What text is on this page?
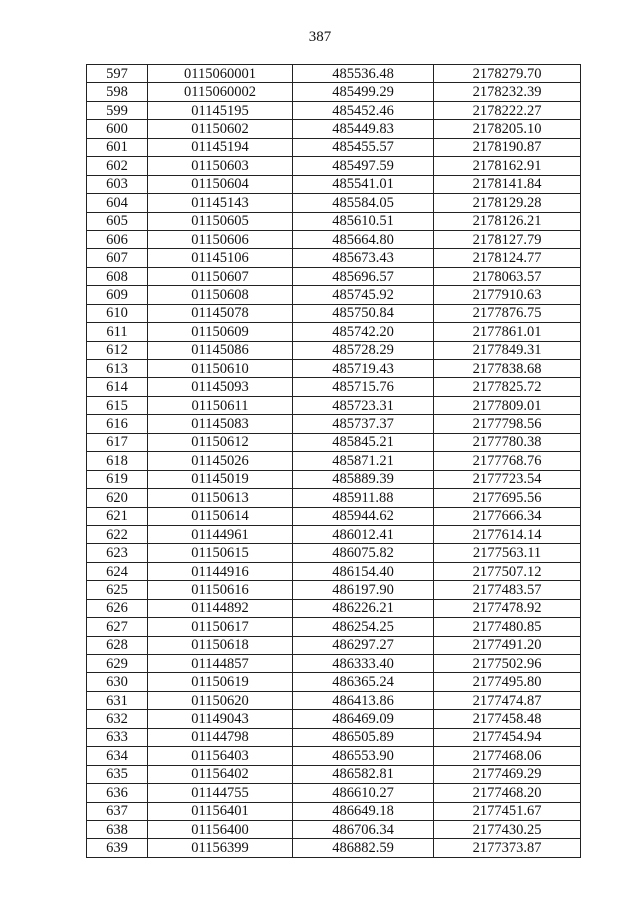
387
597	0115060001	485536.48	2178279.70
598	0115060002	485499.29	2178232.39
599	01145195	485452.46	2178222.27
600	01150602	485449.83	2178205.10
601	01145194	485455.57	2178190.87
602	01150603	485497.59	2178162.91
603	01150604	485541.01	2178141.84
604	01145143	485584.05	2178129.28
605	01150605	485610.51	2178126.21
606	01150606	485664.80	2178127.79
607	01145106	485673.43	2178124.77
608	01150607	485696.57	2178063.57
609	01150608	485745.92	2177910.63
610	01145078	485750.84	2177876.75
611	01150609	485742.20	2177861.01
612	01145086	485728.29	2177849.31
613	01150610	485719.43	2177838.68
614	01145093	485715.76	2177825.72
615	01150611	485723.31	2177809.01
616	01145083	485737.37	2177798.56
617	01150612	485845.21	2177780.38
618	01145026	485871.21	2177768.76
619	01145019	485889.39	2177723.54
620	01150613	485911.88	2177695.56
621	01150614	485944.62	2177666.34
622	01144961	486012.41	2177614.14
623	01150615	486075.82	2177563.11
624	01144916	486154.40	2177507.12
625	01150616	486197.90	2177483.57
626	01144892	486226.21	2177478.92
627	01150617	486254.25	2177480.85
628	01150618	486297.27	2177491.20
629	01144857	486333.40	2177502.96
630	01150619	486365.24	2177495.80
631	01150620	486413.86	2177474.87
632	01149043	486469.09	2177458.48
633	01144798	486505.89	2177454.94
634	01156403	486553.90	2177468.06
635	01156402	486582.81	2177469.29
636	01144755	486610.27	2177468.20
637	01156401	486649.18	2177451.67
638	01156400	486706.34	2177430.25
639	01156399	486882.59	2177373.87
